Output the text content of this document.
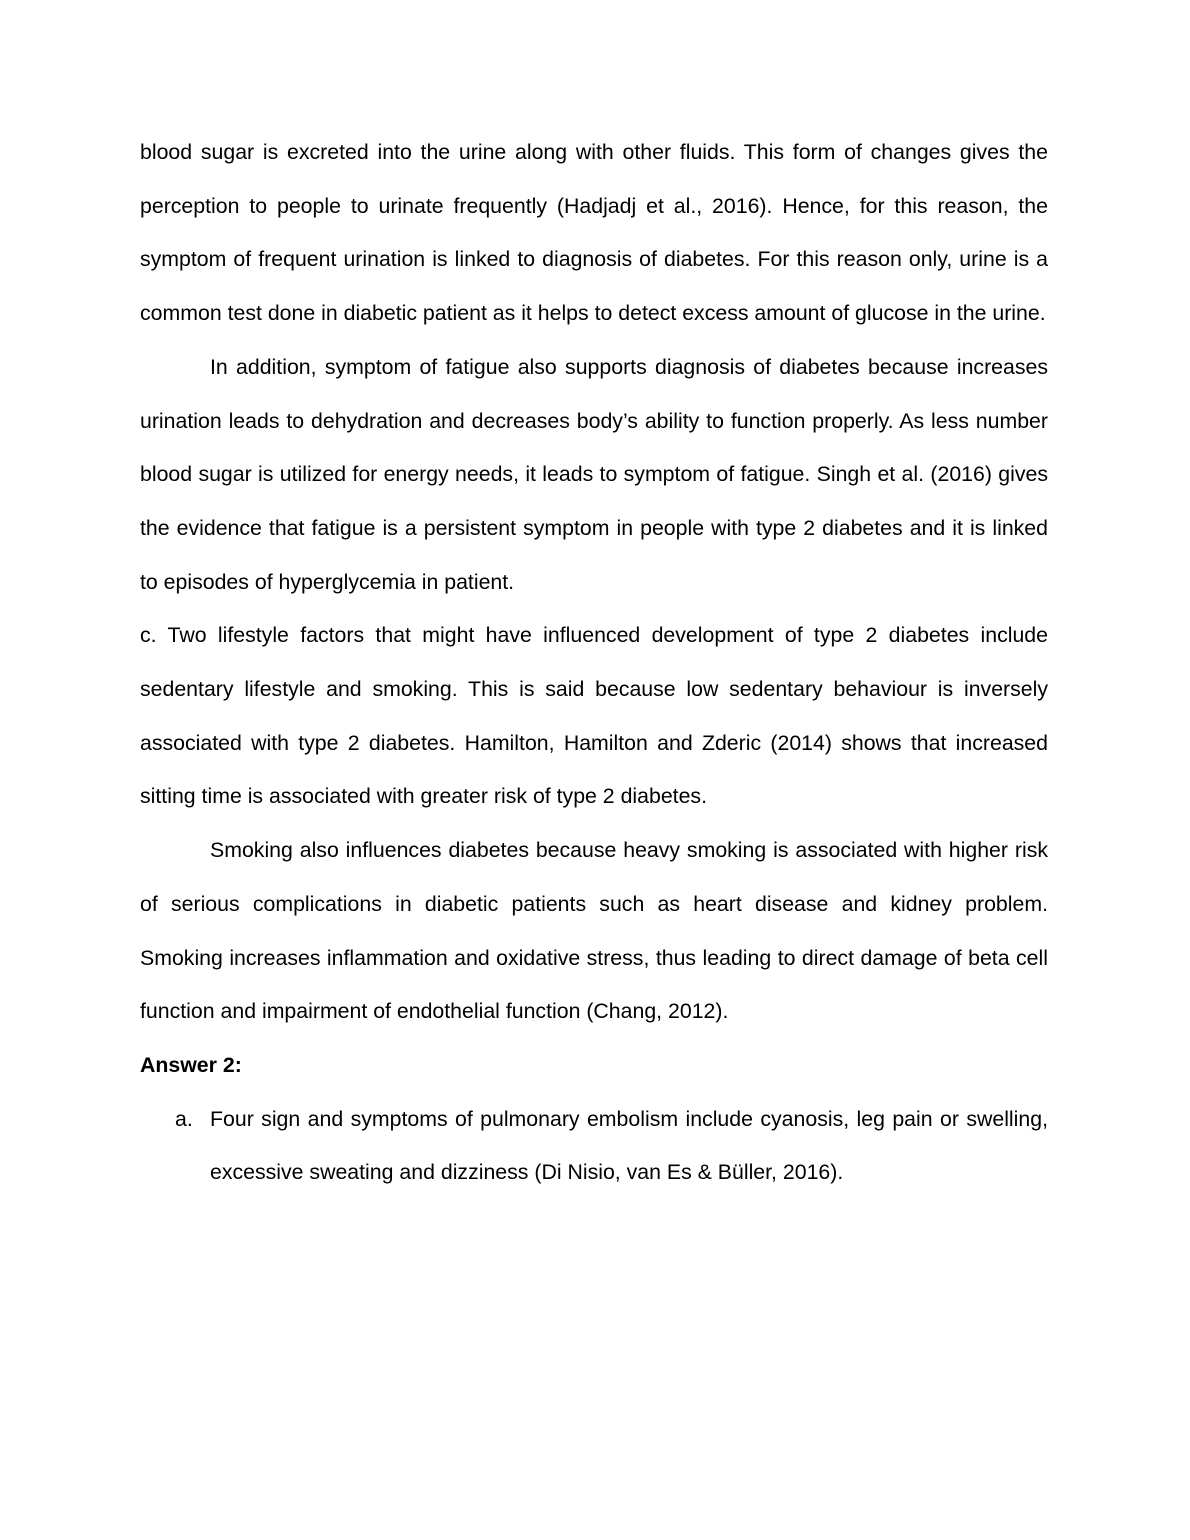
blood sugar is excreted into the urine along with other fluids. This form of changes gives the perception to people to urinate frequently (Hadjadj et al., 2016). Hence, for this reason, the symptom of frequent urination is linked to diagnosis of diabetes. For this reason only, urine is a common test done in diabetic patient as it helps to detect excess amount of glucose in the urine.

In addition, symptom of fatigue also supports diagnosis of diabetes because increases urination leads to dehydration and decreases body’s ability to function properly. As less number blood sugar is utilized for energy needs, it leads to symptom of fatigue. Singh et al. (2016) gives the evidence that fatigue is a persistent symptom in people with type 2 diabetes and it is linked to episodes of hyperglycemia in patient.

c. Two lifestyle factors that might have influenced development of type 2 diabetes include sedentary lifestyle and smoking. This is said because low sedentary behaviour is inversely associated with type 2 diabetes. Hamilton, Hamilton and Zderic (2014) shows that increased sitting time is associated with greater risk of type 2 diabetes.

Smoking also influences diabetes because heavy smoking is associated with higher risk of serious complications in diabetic patients such as heart disease and kidney problem. Smoking increases inflammation and oxidative stress, thus leading to direct damage of beta cell function and impairment of endothelial function (Chang, 2012).

Answer 2:

a. Four sign and symptoms of pulmonary embolism include cyanosis, leg pain or swelling, excessive sweating and dizziness (Di Nisio, van Es & Büller, 2016).
